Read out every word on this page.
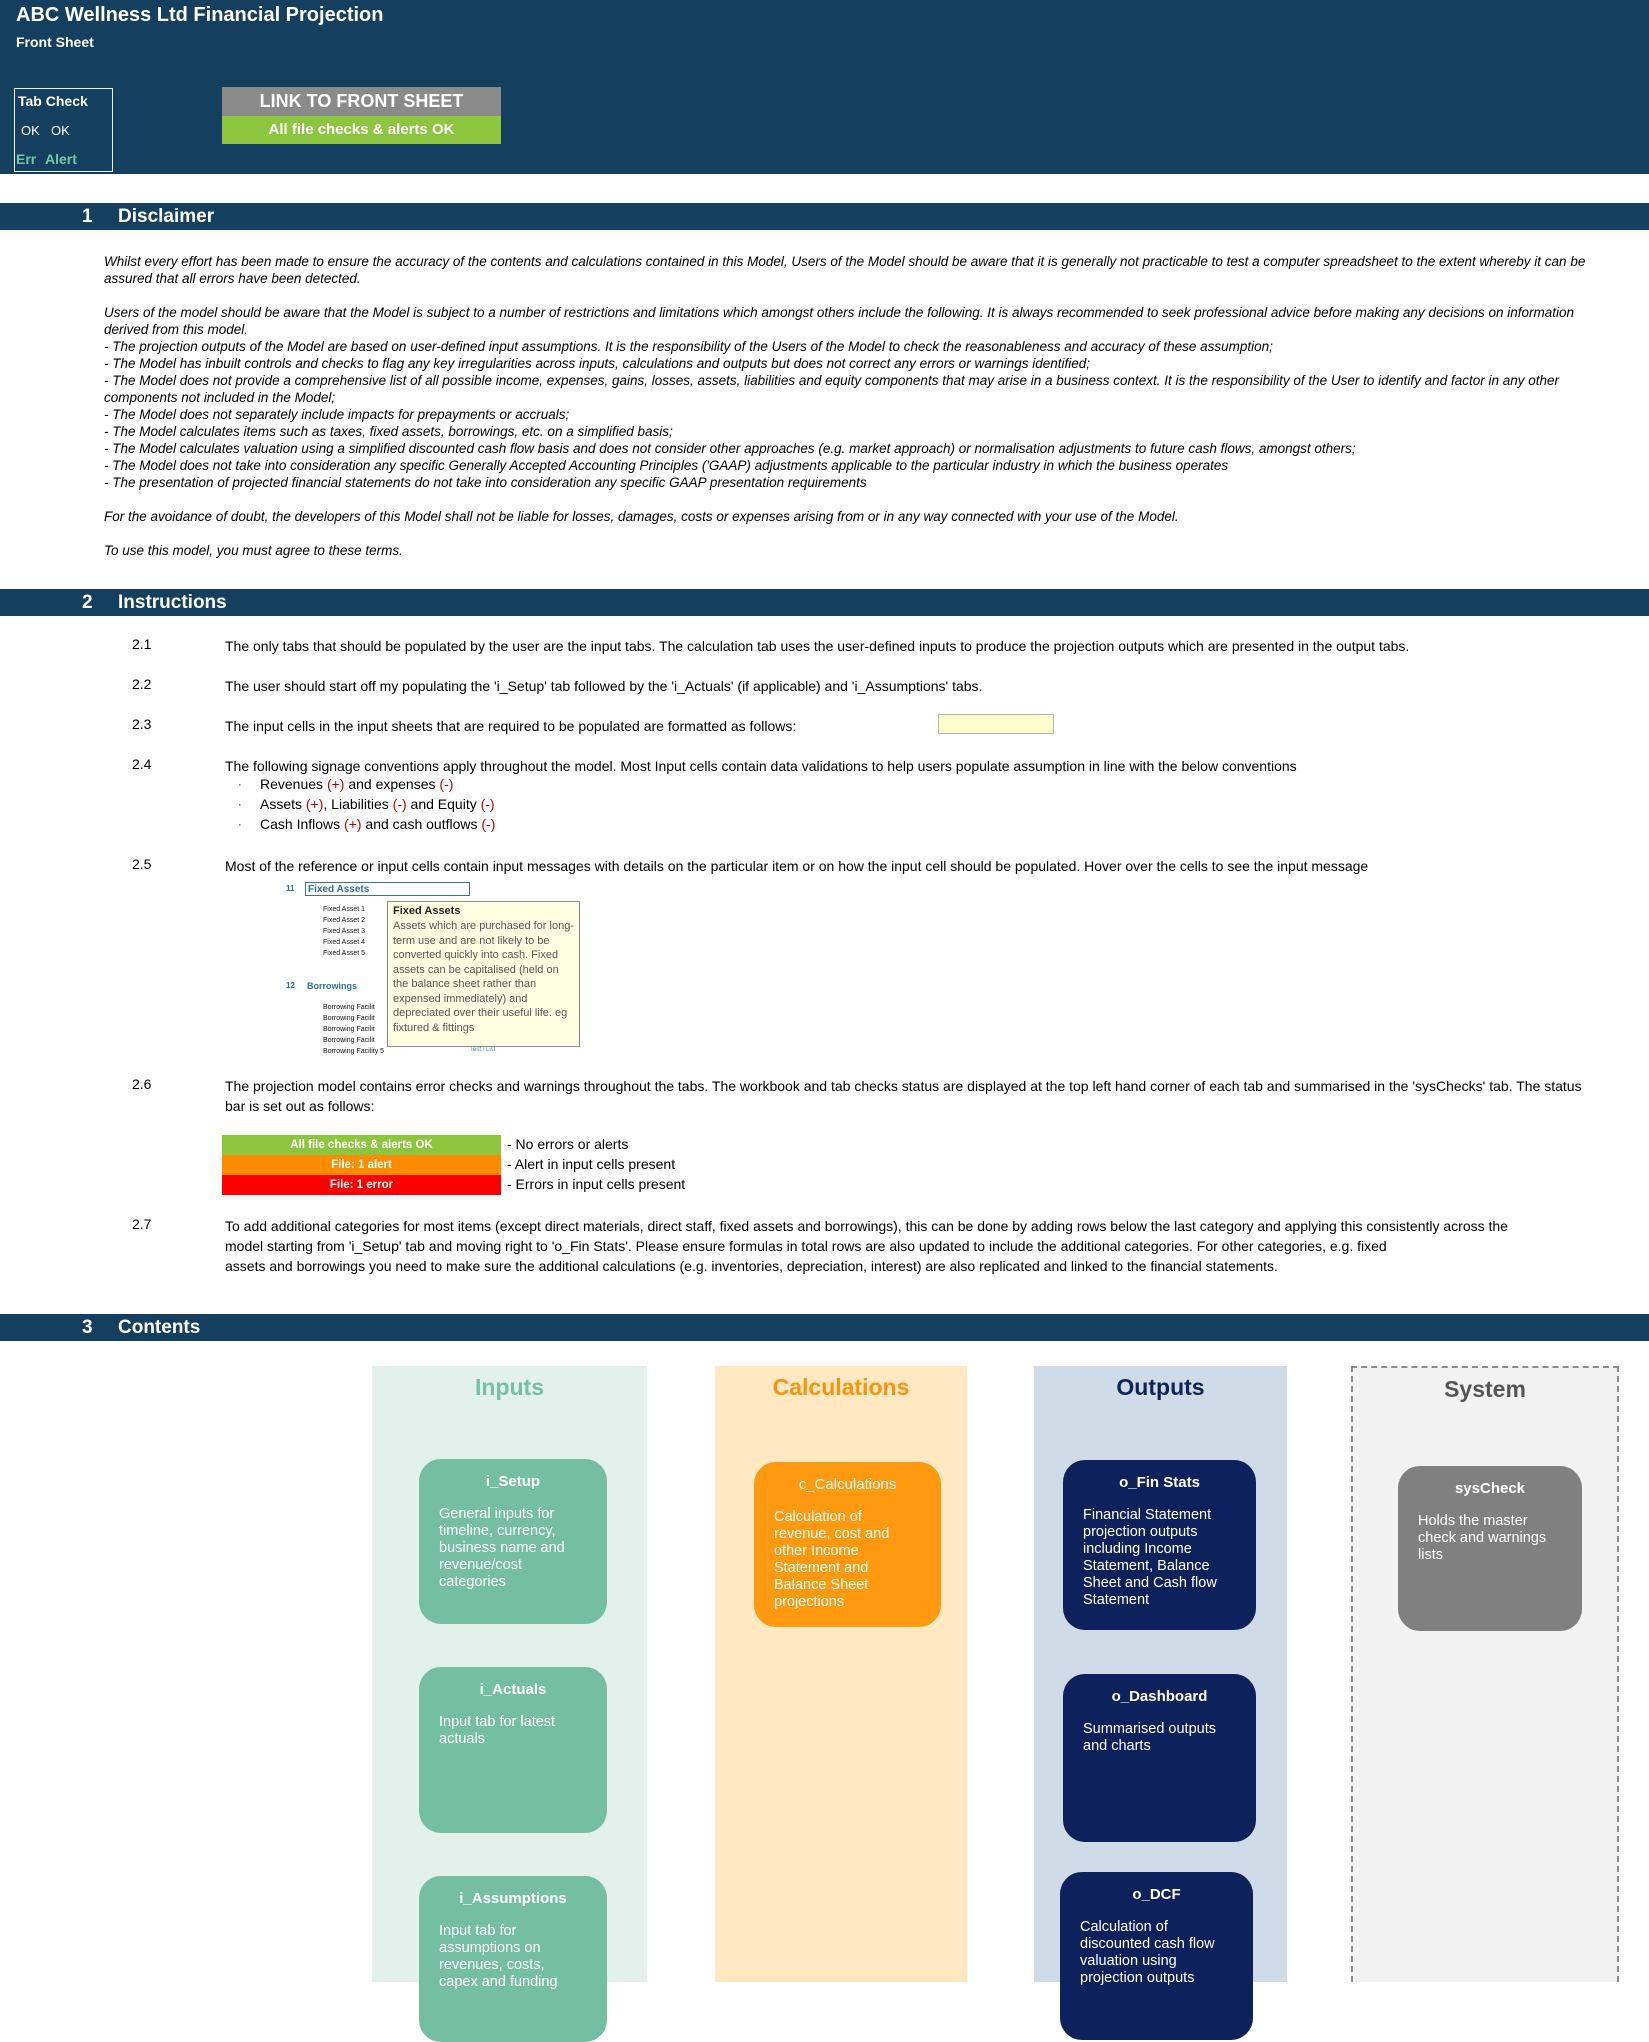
ABC Wellness Ltd Financial Projection
Front Sheet
Tab Check
OK OK
Err Alert
LINK TO FRONT SHEET
All file checks & alerts OK
1 Disclaimer

Whilst every effort has been made to ensure the accuracy of the contents and calculations contained in this Model, Users of the Model should be aware that it is generally not practicable to test a computer spreadsheet to the extent whereby it can be assured that all errors have been detected.

Users of the model should be aware that the Model is subject to a number of restrictions and limitations which amongst others include the following. It is always recommended to seek professional advice before making any decisions on information derived from this model.

- The projection outputs of the Model are based on user-defined input assumptions. It is the responsibility of the Users of the Model to check the reasonableness and accuracy of these assumption;

- The Model has inbuilt controls and checks to flag any key irregularities across inputs, calculations and outputs but does not correct any errors or warnings identified;

- The Model does not provide a comprehensive list of all possible income, expenses, gains, losses, assets, liabilities and equity components that may arise in a business context. It is the responsibility of the User to identify and factor in any other components not included in the Model;

- The Model does not separately include impacts for prepayments or accruals;

- The Model calculates items such as taxes, fixed assets, borrowings, etc. on a simplified basis;

- The Model calculates valuation using a simplified discounted cash flow basis and does not consider other approaches (e.g. market approach) or normalisation adjustments to future cash flows, amongst others;

- The Model does not take into consideration any specific Generally Accepted Accounting Principles ('GAAP) adjustments applicable to the particular industry in which the business operates

- The presentation of projected financial statements do not take into consideration any specific GAAP presentation requirements

For the avoidance of doubt, the developers of this Model shall not be liable for losses, damages, costs or expenses arising from or in any way connected with your use of the Model.

To use this model, you must agree to these terms.

2 Instructions
2.1	The only tabs that should be populated by the user are the input tabs. The calculation tab uses the user-defined inputs to produce the projection outputs which are presented in the output tabs.
2.2	The user should start off my populating the 'i_Setup' tab followed by the 'i_Actuals' (if applicable) and 'i_Assumptions' tabs.
2.3	The input cells in the input sheets that are required to be populated are formatted as follows:
2.4	The following signage conventions apply throughout the model. Most Input cells contain data validations to help users populate assumption in line with the below conventions
· Revenues (+) and expenses (-)
· Assets (+), Liabilities (-) and Equity (-)
· Cash Inflows (+) and cash outflows (-)
2.5	Most of the reference or input cells contain input messages with details on the particular item or on how the input cell should be populated. Hover over the cells to see the input message
11	Fixed Assets
Fixed Asset 1
Fixed Asset 2
Fixed Asset 3
Fixed Asset 4
Fixed Asset 5
12 Borrowings
Borrowing Facilit
Borrowing Facilit
Borrowing Facilit
Borrowing Facilit
Borrowing Facility 5	Test / List
Fixed Assets
Assets which are purchased for long-term use and are not likely to be converted quickly into cash. Fixed assets can be capitalised (held on the balance sheet rather than expensed immediately) and depreciated over their useful life. eg fixtured & fittings
2.6	The projection model contains error checks and warnings throughout the tabs. The workbook and tab checks status are displayed at the top left hand corner of each tab and summarised in the 'sysChecks' tab. The status bar is set out as follows:
All file checks & alerts OK	- No errors or alerts
File: 1 alert	- Alert in input cells present
File: 1 error	- Errors in input cells present
2.7	To add additional categories for most items (except direct materials, direct staff, fixed assets and borrowings), this can be done by adding rows below the last category and applying this consistently across the
model starting from 'i_Setup' tab and moving right to 'o_Fin Stats'. Please ensure formulas in total rows are also updated to include the additional categories. For other categories, e.g. fixed
assets and borrowings you need to make sure the additional calculations (e.g. inventories, depreciation, interest) are also replicated and linked to the financial statements.
3 Contents
Inputs
i_Setup
General inputs for timeline, currency, business name and revenue/cost categories
i_Actuals
Input tab for latest actuals
i_Assumptions
Input tab for assumptions on revenues, costs, capex and funding
Calculations
c_Calculations
Calculation of revenue, cost and other Income Statement and Balance Sheet projections
Outputs
o_Fin Stats
Financial Statement projection outputs including Income Statement, Balance Sheet and Cash flow Statement
o_Dashboard
Summarised outputs and charts
o_DCF
Calculation of discounted cash flow valuation using projection outputs
System
sysCheck
Holds the master check and warnings lists
